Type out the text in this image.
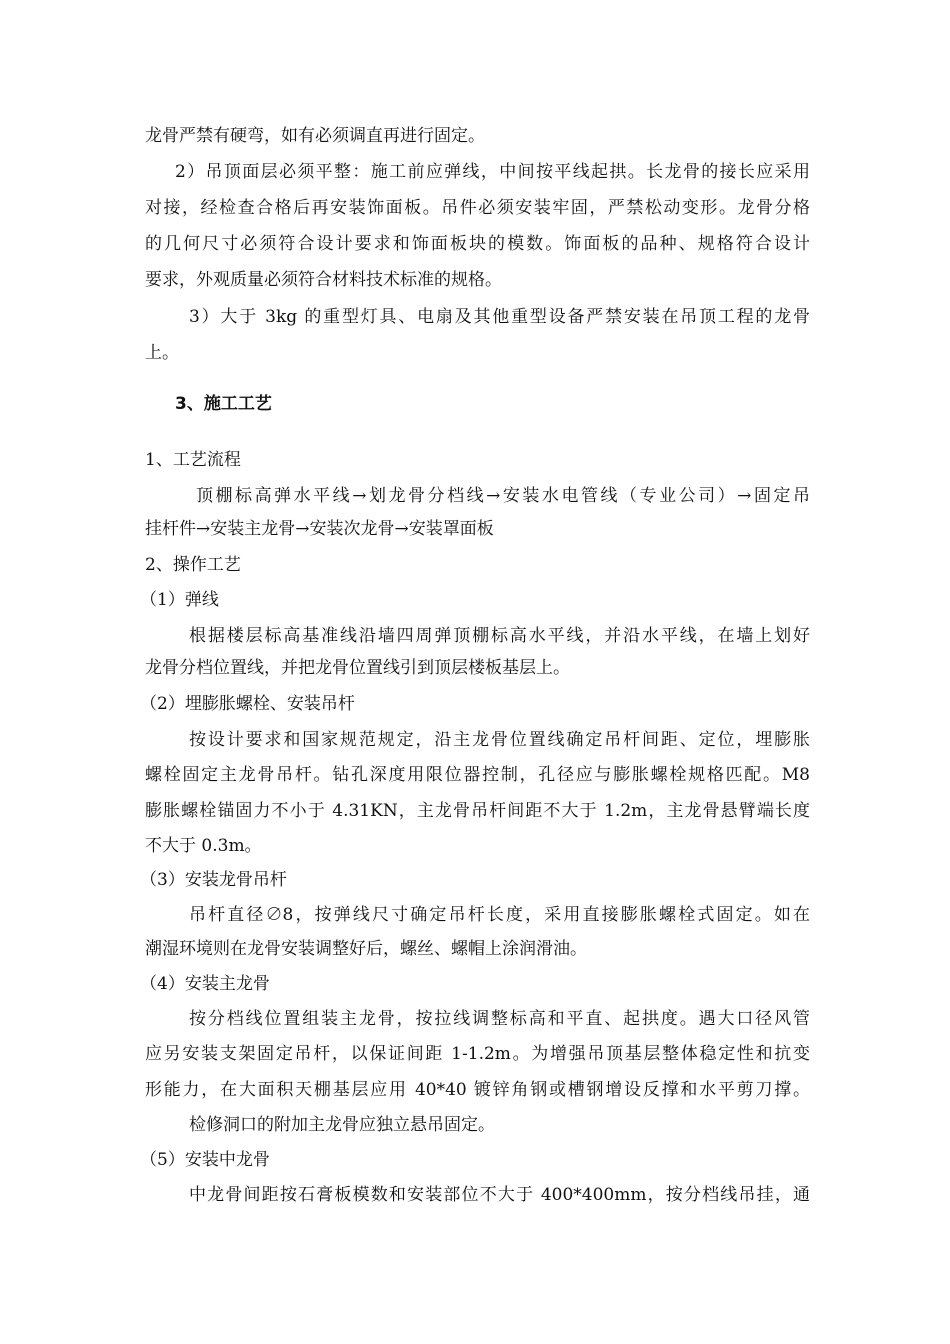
龙骨严禁有硬弯，如有必须调直再进行固定。
2）吊顶面层必须平整：施工前应弹线，中间按平线起拱。长龙骨的接长应采用
对接，经检查合格后再安装饰面板。吊件必须安装牢固，严禁松动变形。龙骨分格
的几何尺寸必须符合设计要求和饰面板块的模数。饰面板的品种、规格符合设计
要求，外观质量必须符合材料技术标准的规格。
3）大于 3kg 的重型灯具、电扇及其他重型设备严禁安装在吊顶工程的龙骨
上。
3、施工工艺
1、工艺流程
顶棚标高弹水平线→划龙骨分档线→安装水电管线（专业公司）→固定吊
挂杆件→安装主龙骨→安装次龙骨→安装罩面板
2、操作工艺
（1）弹线
根据楼层标高基准线沿墙四周弹顶棚标高水平线，并沿水平线，在墙上划好
龙骨分档位置线，并把龙骨位置线引到顶层楼板基层上。
（2）埋膨胀螺栓、安装吊杆
按设计要求和国家规范规定，沿主龙骨位置线确定吊杆间距、定位，埋膨胀
螺栓固定主龙骨吊杆。钻孔深度用限位器控制，孔径应与膨胀螺栓规格匹配。M8
膨胀螺栓锚固力不小于 4.31KN，主龙骨吊杆间距不大于 1.2m，主龙骨悬臂端长度
不大于 0.3m。
（3）安装龙骨吊杆
吊杆直径∅8，按弹线尺寸确定吊杆长度，采用直接膨胀螺栓式固定。如在
潮湿环境则在龙骨安装调整好后，螺丝、螺帽上涂润滑油。
（4）安装主龙骨
按分档线位置组装主龙骨，按拉线调整标高和平直、起拱度。遇大口径风管
应另安装支架固定吊杆，以保证间距 1-1.2m。为增强吊顶基层整体稳定性和抗变
形能力，在大面积天棚基层应用 40*40 镀锌角钢或槽钢增设反撑和水平剪刀撑。
检修洞口的附加主龙骨应独立悬吊固定。
（5）安装中龙骨
中龙骨间距按石膏板模数和安装部位不大于 400*400mm，按分档线吊挂，通
